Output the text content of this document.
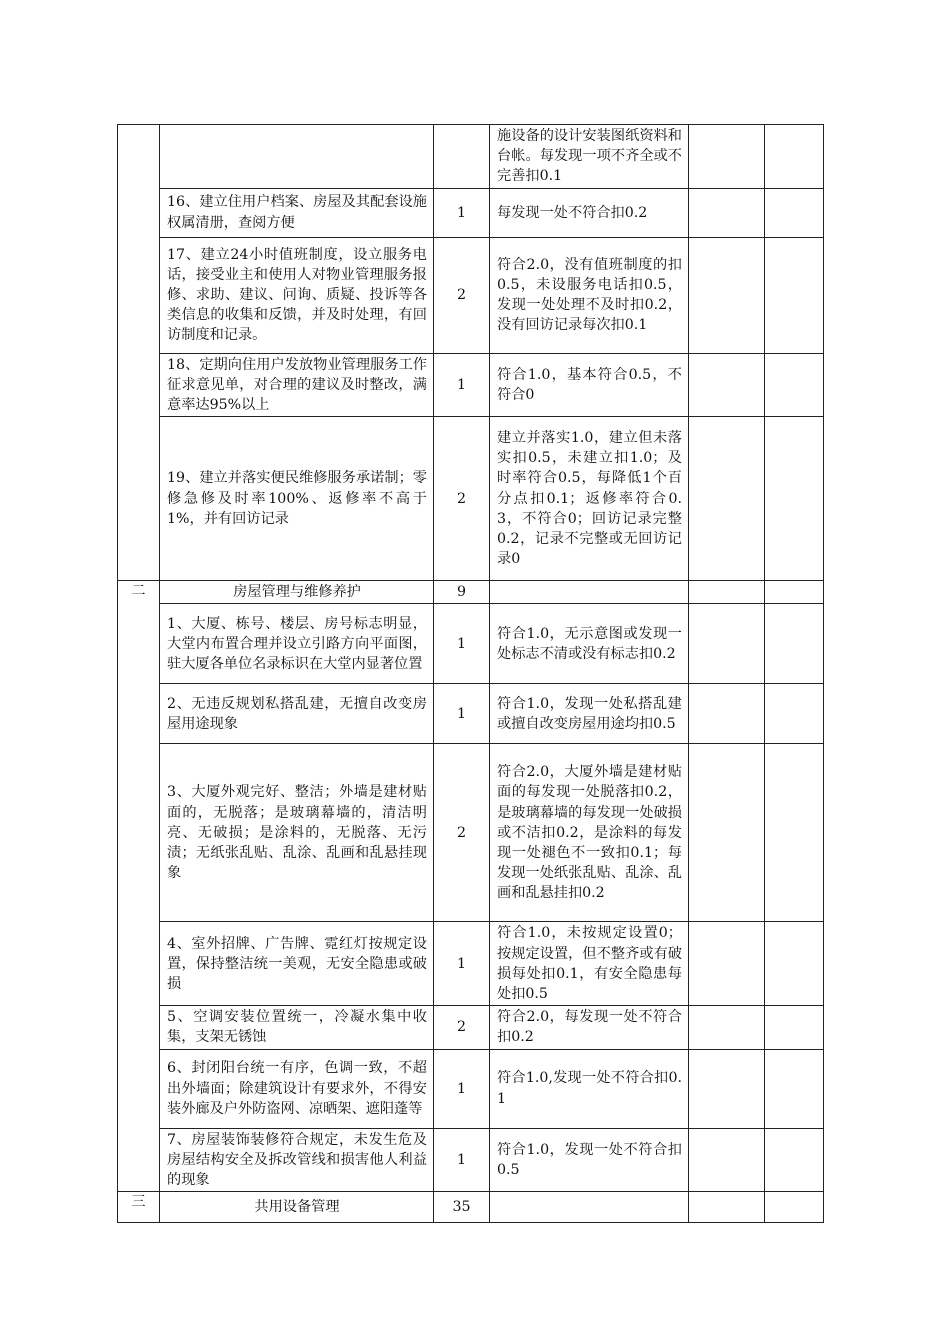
			施设备的设计安装图纸资料和台帐。每发现一项不齐全或不完善扣0.1		
	16、建立住用户档案、房屋及其配套设施权属清册，查阅方便	1	每发现一处不符合扣0.2		
	17、建立24小时值班制度，设立服务电话，接受业主和使用人对物业管理服务报修、求助、建议、问询、质疑、投诉等各类信息的收集和反馈，并及时处理，有回访制度和记录。	2	符合2.0，没有值班制度的扣0.5，未设服务电话扣0.5，发现一处处理不及时扣0.2，没有回访记录每次扣0.1		
	18、定期向住用户发放物业管理服务工作征求意见单，对合理的建议及时整改，满意率达95%以上	1	符合1.0，基本符合0.5，不符合0		
	19、建立并落实便民维修服务承诺制；零修急修及时率100%、返修率不高于1%，并有回访记录	2	建立并落实1.0，建立但未落实扣0.5，未建立扣1.0；及时率符合0.5，每降低1个百分点扣0.1；返修率符合0.3，不符合0；回访记录完整0.2，记录不完整或无回访记录0		
二	房屋管理与维修养护	9			
	1、大厦、栋号、楼层、房号标志明显，大堂内布置合理并设立引路方向平面图，驻大厦各单位名录标识在大堂内显著位置	1	符合1.0，无示意图或发现一处标志不清或没有标志扣0.2		
	2、无违反规划私搭乱建，无擅自改变房屋用途现象	1	符合1.0，发现一处私搭乱建或擅自改变房屋用途均扣0.5		
	3、大厦外观完好、整洁；外墙是建材贴面的，无脱落；是玻璃幕墙的，清洁明亮、无破损；是涂料的，无脱落、无污渍；无纸张乱贴、乱涂、乱画和乱悬挂现象	2	符合2.0，大厦外墙是建材贴面的每发现一处脱落扣0.2，是玻璃幕墙的每发现一处破损或不洁扣0.2，是涂料的每发现一处褪色不一致扣0.1；每发现一处纸张乱贴、乱涂、乱画和乱悬挂扣0.2		
	4、室外招牌、广告牌、霓红灯按规定设置，保持整洁统一美观，无安全隐患或破损	1	符合1.0，未按规定设置0；按规定设置，但不整齐或有破损每处扣0.1，有安全隐患每处扣0.5		
	5、空调安装位置统一，冷凝水集中收集，支架无锈蚀	2	符合2.0，每发现一处不符合扣0.2		
	6、封闭阳台统一有序，色调一致，不超出外墙面；除建筑设计有要求外，不得安装外廊及户外防盗网、凉晒架、遮阳蓬等	1	符合1.0,发现一处不符合扣0.1		
	7、房屋装饰装修符合规定，未发生危及房屋结构安全及拆改管线和损害他人利益的现象	1	符合1.0，发现一处不符合扣0.5		
三	共用设备管理	35			
